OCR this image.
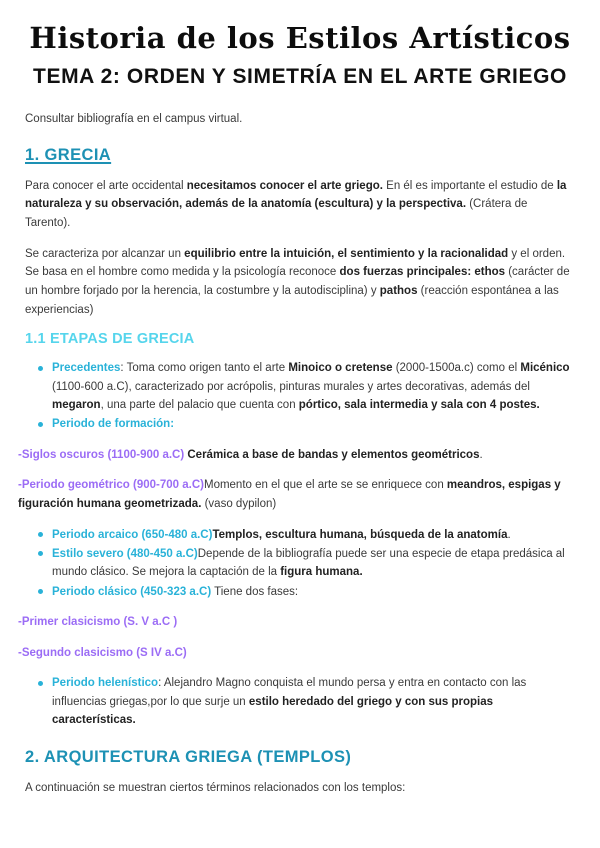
Historia de los Estilos Artísticos
TEMA 2: ORDEN Y SIMETRÍA EN EL ARTE GRIEGO

Consultar bibliografía en el campus virtual.

1. GRECIA

Para conocer el arte occidental necesitamos conocer el arte griego. En él es importante el estudio de la naturaleza y su observación, además de la anatomía (escultura) y la perspectiva. (Crátera de Tarento).

Se caracteriza por alcanzar un equilibrio entre la intuición, el sentimiento y la racionalidad y el orden. Se basa en el hombre como medida y la psicología reconoce dos fuerzas principales: ethos (carácter de un hombre forjado por la herencia, la costumbre y la autodisciplina) y pathos (reacción espontánea a las experiencias)

1.1 ETAPAS DE GRECIA
Precedentes: Toma como origen tanto el arte Minoico o cretense (2000-1500a.c) como el Micénico (1100-600 a.C), caracterizado por acrópolis, pinturas murales y artes decorativas, además del megaron, una parte del palacio que cuenta con pórtico, sala intermedia y sala con 4 postes.
Periodo de formación:

-Siglos oscuros (1100-900 a.C) Cerámica a base de bandas y elementos geométricos.

-Periodo geométrico (900-700 a.C)Momento en el que el arte se se enriquece con meandros, espigas y figuración humana geometrizada. (vaso dypilon)

Periodo arcaico (650-480 a.C)Templos, escultura humana, búsqueda de la anatomía.
Estilo severo (480-450 a.C)Depende de la bibliografía puede ser una especie de etapa predásica al mundo clásico. Se mejora la captación de la figura humana.
Periodo clásico (450-323 a.C) Tiene dos fases:

-Primer clasicismo (S. V a.C )

-Segundo clasicismo (S IV a.C)

Periodo helenístico: Alejandro Magno conquista el mundo persa y entra en contacto con las influencias griegas,por lo que surje un estilo heredado del griego y con sus propias características.
2. ARQUITECTURA GRIEGA (TEMPLOS)

A continuación se muestran ciertos términos relacionados con los templos:
